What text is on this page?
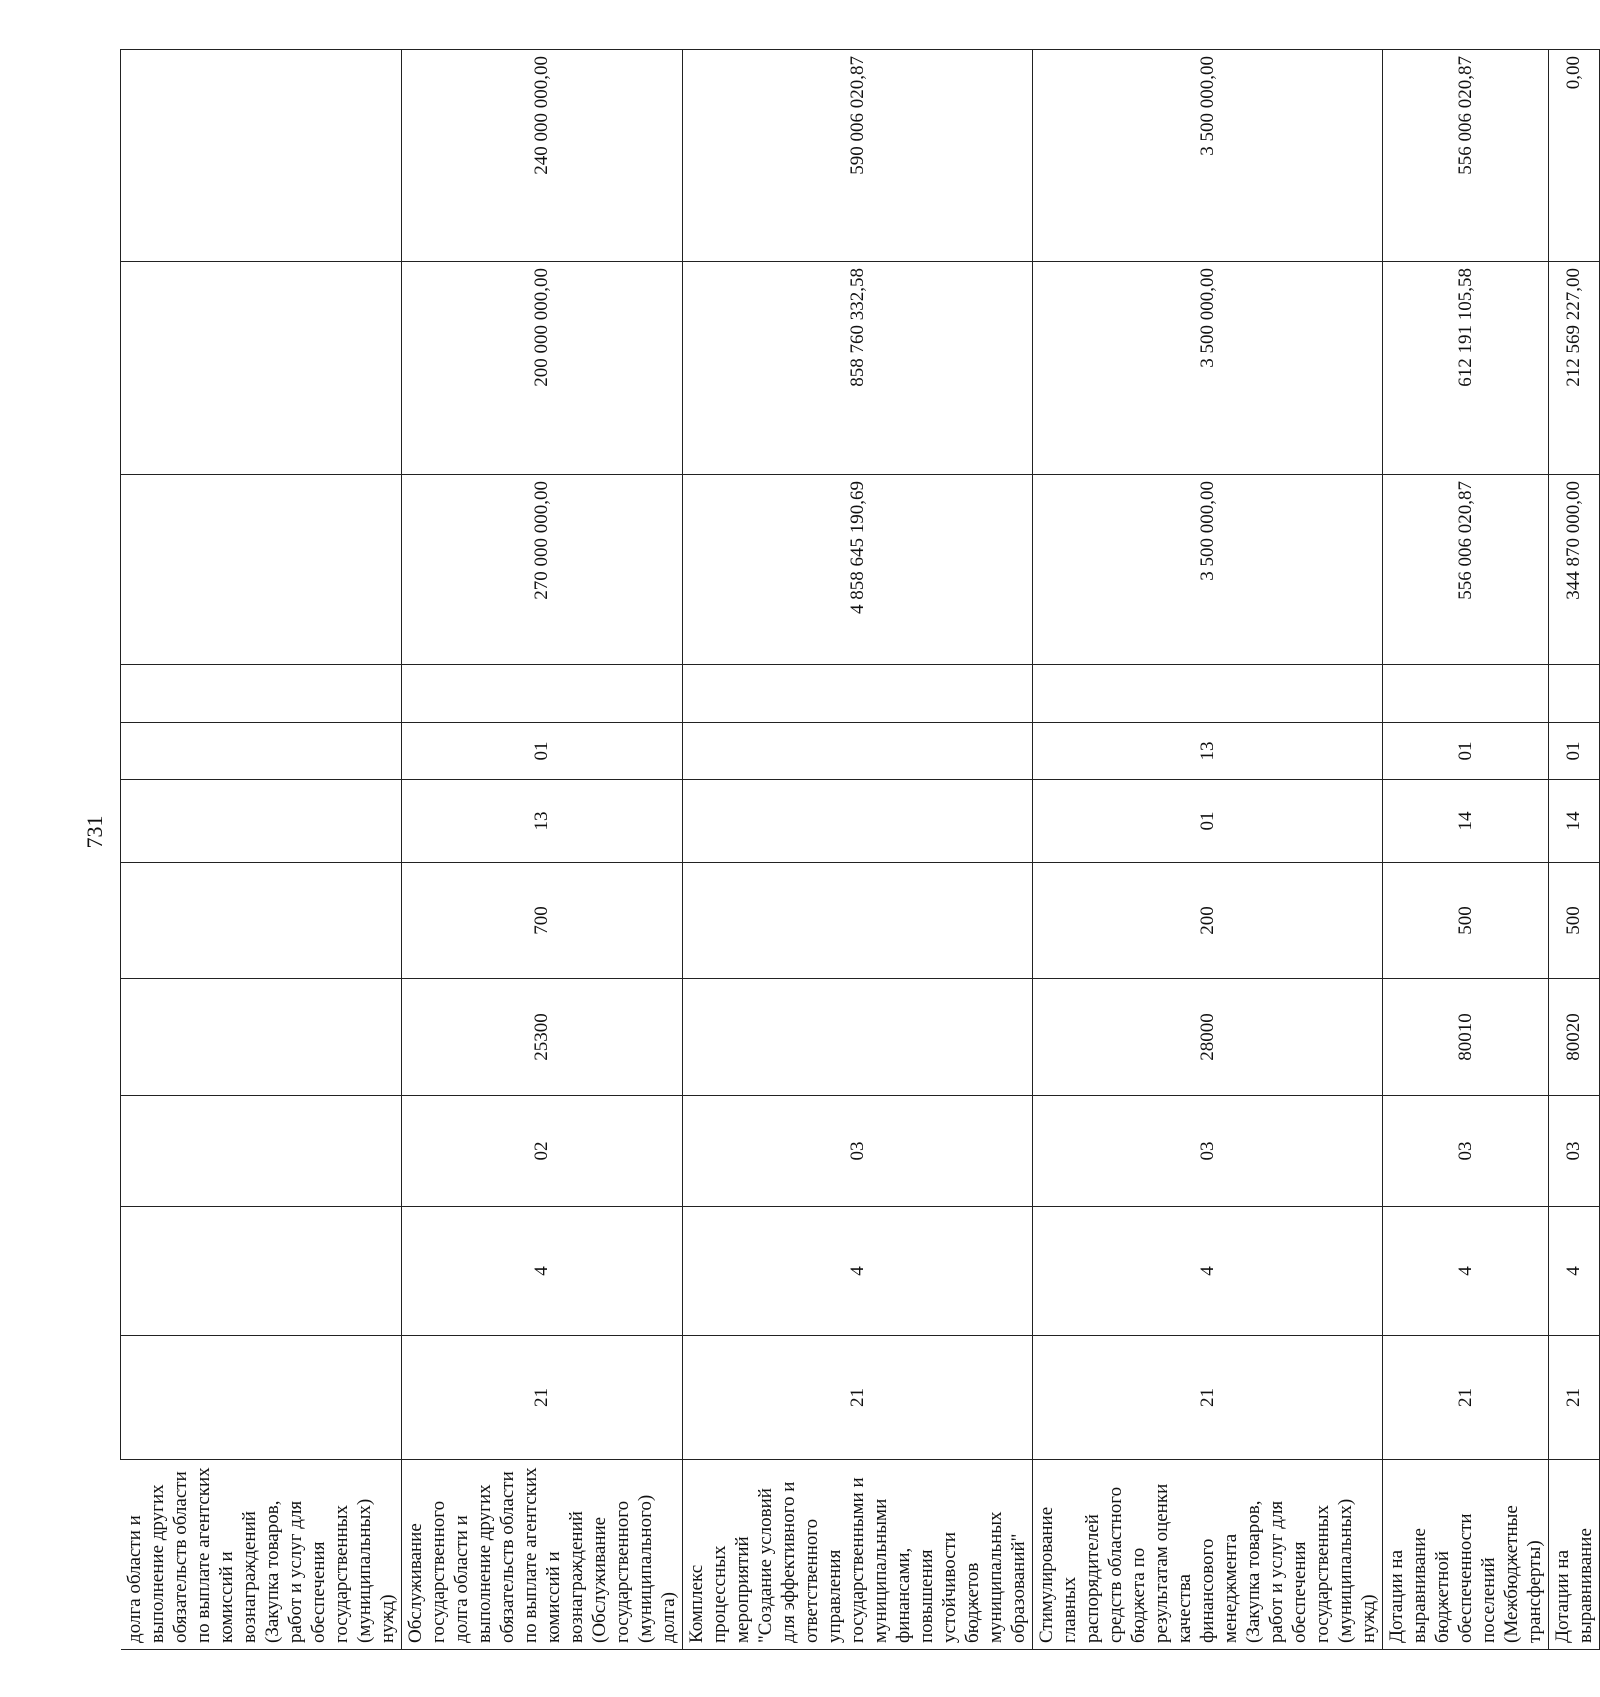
731
долга области и выполнение других обязательств области по выплате агентских комиссий и вознаграждений (Закупка товаров, работ и услуг для обеспечения государственных (муниципальных) нужд)											
Обслуживание государственного долга области и выполнение других обязательств области по выплате агентских комиссий и вознаграждений (Обслуживание государственного (муниципального) долга)	21	4	02	25300	700	13	01		270 000 000,00	200 000 000,00	240 000 000,00
Комплекс процессных мероприятий "Создание условий для эффективного и ответственного управления государственными и муниципальными финансами, повышения устойчивости бюджетов муниципальных образований"	21	4	03						4 858 645 190,69	858 760 332,58	590 006 020,87
Стимулирование главных распорядителей средств областного бюджета по результатам оценки качества финансового менеджмента (Закупка товаров, работ и услуг для обеспечения государственных (муниципальных) нужд)	21	4	03	28000	200	01	13		3 500 000,00	3 500 000,00	3 500 000,00
Дотации на выравнивание бюджетной обеспеченности поселений (Межбюджетные трансферты)	21	4	03	80010	500	14	01		556 006 020,87	612 191 105,58	556 006 020,87
Дотации на выравнивание	21	4	03	80020	500	14	01		344 870 000,00	212 569 227,00	0,00
